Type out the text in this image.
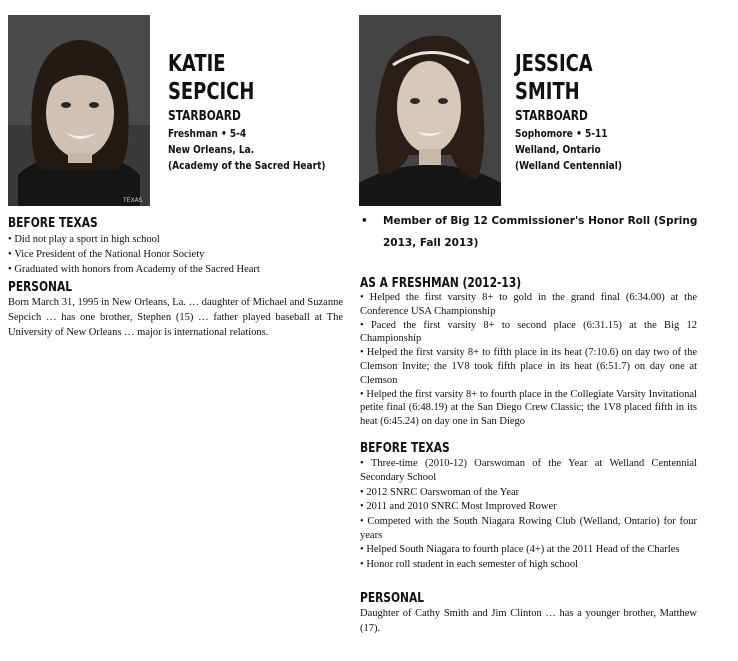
TEXAS
KATIE
SEPCICH
STARBOARD
Freshman • 5-4
New Orleans, La.
(Academy of the Sacred Heart)
BEFORE TEXAS
• Did not play a sport in high school
• Vice President of the National Honor Society
• Graduated with honors from Academy of the Sacred Heart
PERSONAL
Born March 31, 1995 in New Orleans, La. … daughter of Michael and Suzanne Sepcich … has one brother, Stephen (15) … father played baseball at The University of New Orleans … major is international relations.
JESSICA
SMITH
STARBOARD
Sophomore • 5-11
Welland, Ontario
(Welland Centennial)
• Member of Big 12 Commissioner's Honor Roll (Spring 2013, Fall 2013)
AS A FRESHMAN (2012-13)
• Helped the first varsity 8+ to gold in the grand final (6:34.00) at the Conference USA Championship
• Paced the first varsity 8+ to second place (6:31.15) at the Big 12 Championship
• Helped the first varsity 8+ to fifth place in its heat (7:10.6) on day two of the Clemson Invite; the 1V8 took fifth place in its heat (6:51.7) on day one at Clemson
• Helped the first varsity 8+ to fourth place in the Collegiate Varsity Invitational petite final (6:48.19) at the San Diego Crew Classic; the 1V8 placed fifth in its heat (6:45.24) on day one in San Diego
BEFORE TEXAS
• Three-time (2010-12) Oarswoman of the Year at Welland Centennial Secondary School
• 2012 SNRC Oarswoman of the Year
• 2011 and 2010 SNRC Most Improved Rower
• Competed with the South Niagara Rowing Club (Welland, Ontario) for four years
• Helped South Niagara to fourth place (4+) at the 2011 Head of the Charles
• Honor roll student in each semester of high school
PERSONAL
Daughter of Cathy Smith and Jim Clinton … has a younger brother, Matthew (17).
